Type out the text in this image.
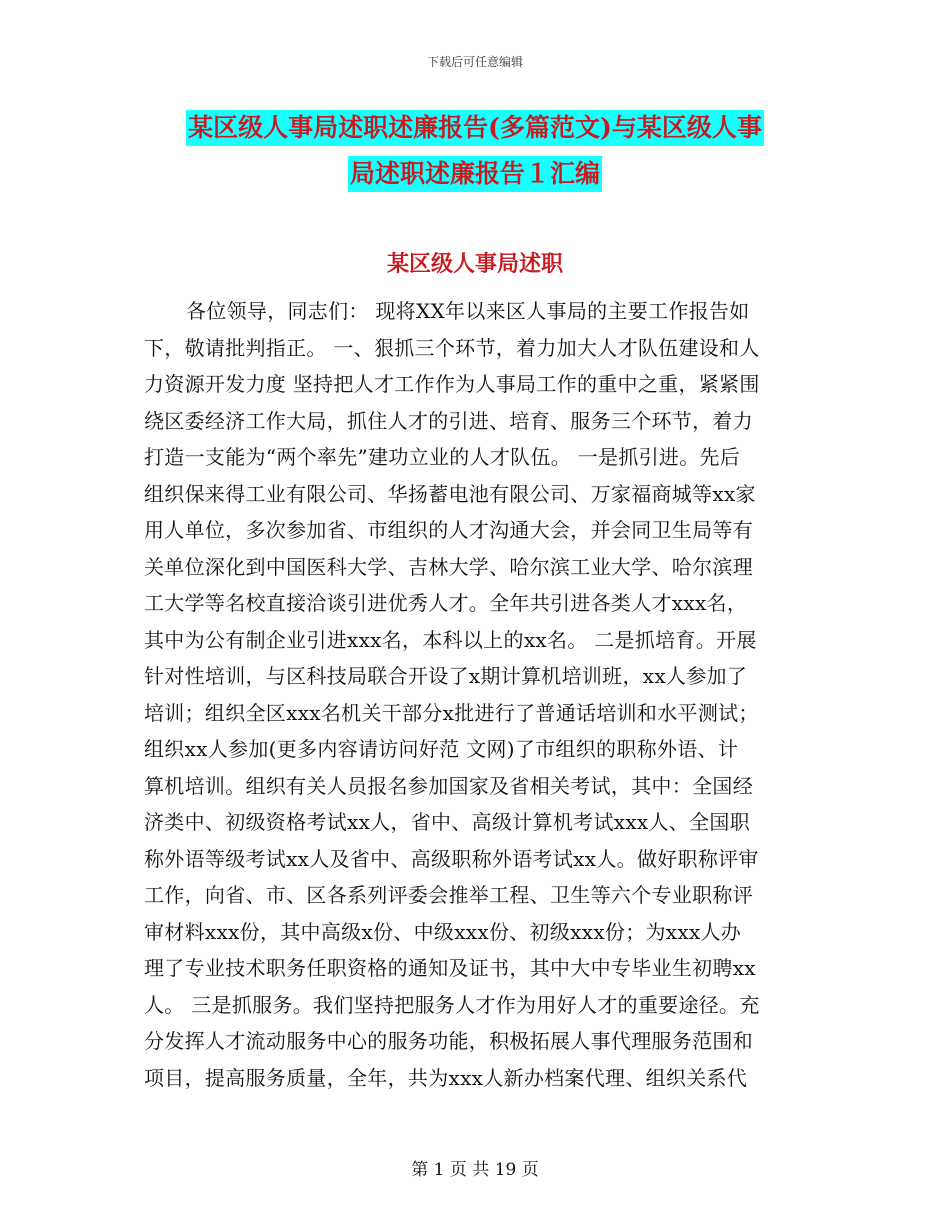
下载后可任意编辑
某区级人事局述职述廉报告(多篇范文)与某区级人事
局述职述廉报告１汇编
某区级人事局述职
各位领导，同志们： 现将XX年以来区人事局的主要工作报告如
下，敬请批判指正。 一、狠抓三个环节，着力加大人才队伍建设和人
力资源开发力度 坚持把人才工作作为人事局工作的重中之重，紧紧围
绕区委经济工作大局，抓住人才的引进、培育、服务三个环节，着力
打造一支能为“两个率先”建功立业的人才队伍。 一是抓引进。先后
组织保来得工业有限公司、华扬蓄电池有限公司、万家福商城等xx家
用人单位，多次参加省、市组织的人才沟通大会，并会同卫生局等有
关单位深化到中国医科大学、吉林大学、哈尔滨工业大学、哈尔滨理
工大学等名校直接洽谈引进优秀人才。全年共引进各类人才xxx名，
其中为公有制企业引进xxx名，本科以上的xx名。 二是抓培育。开展
针对性培训，与区科技局联合开设了x期计算机培训班，xx人参加了
培训；组织全区xxx名机关干部分x批进行了普通话培训和水平测试；
组织xx人参加(更多内容请访问好范 文网)了市组织的职称外语、计
算机培训。组织有关人员报名参加国家及省相关考试，其中：全国经
济类中、初级资格考试xx人，省中、高级计算机考试xxx人、全国职
称外语等级考试xx人及省中、高级职称外语考试xx人。做好职称评审
工作，向省、市、区各系列评委会推举工程、卫生等六个专业职称评
审材料xxx份，其中高级x份、中级xxx份、初级xxx份；为xxx人办
理了专业技术职务任职资格的通知及证书，其中大中专毕业生初聘xx
人。 三是抓服务。我们坚持把服务人才作为用好人才的重要途径。充
分发挥人才流动服务中心的服务功能，积极拓展人事代理服务范围和
项目，提高服务质量，全年，共为xxx人新办档案代理、组织关系代
第 1 页 共 19 页
